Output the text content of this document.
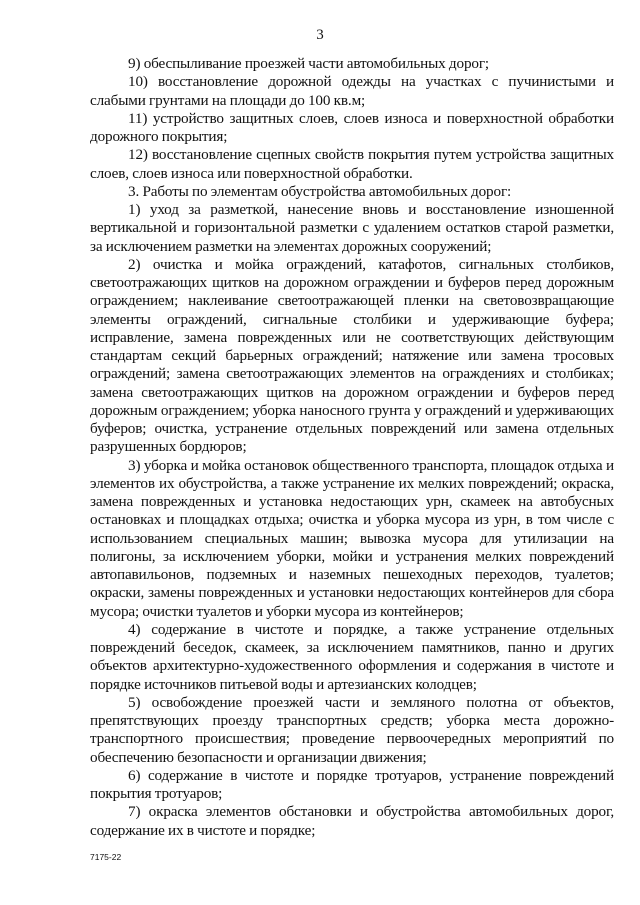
3

9) обеспыливание проезжей части автомобильных дорог;

10) восстановление дорожной одежды на участках с пучинистыми и слабыми грунтами на площади до 100 кв.м;

11) устройство защитных слоев, слоев износа и поверхностной обработки дорожного покрытия;

12) восстановление сцепных свойств покрытия путем устройства защитных слоев, слоев износа или поверхностной обработки.

3. Работы по элементам обустройства автомобильных дорог:

1) уход за разметкой, нанесение вновь и восстановление изношенной вертикальной и горизонтальной разметки с удалением остатков старой разметки, за исключением разметки на элементах дорожных сооружений;

2) очистка и мойка ограждений, катафотов, сигнальных столбиков, светоотражающих щитков на дорожном ограждении и буферов перед дорожным ограждением; наклеивание светоотражающей пленки на световозвращающие элементы ограждений, сигнальные столбики и удерживающие буфера; исправление, замена поврежденных или не соответствующих действующим стандартам секций барьерных ограждений; натяжение или замена тросовых ограждений; замена светоотражающих элементов на ограждениях и столбиках; замена светоотражающих щитков на дорожном ограждении и буферов перед дорожным ограждением; уборка наносного грунта у ограждений и удерживающих буферов; очистка, устранение отдельных повреждений или замена отдельных разрушенных бордюров;

3) уборка и мойка остановок общественного транспорта, площадок отдыха и элементов их обустройства, а также устранение их мелких повреждений; окраска, замена поврежденных и установка недостающих урн, скамеек на автобусных остановках и площадках отдыха; очистка и уборка мусора из урн, в том числе с использованием специальных машин; вывозка мусора для утилизации на полигоны, за исключением уборки, мойки и устранения мелких повреждений автопавильонов, подземных и наземных пешеходных переходов, туалетов; окраски, замены поврежденных и установки недостающих контейнеров для сбора мусора; очистки туалетов и уборки мусора из контейнеров;

4) содержание в чистоте и порядке, а также устранение отдельных повреждений беседок, скамеек, за исключением памятников, панно и других объектов архитектурно-художественного оформления и содержания в чистоте и порядке источников питьевой воды и артезианских колодцев;

5) освобождение проезжей части и земляного полотна от объектов, препятствующих проезду транспортных средств; уборка места дорожно-транспортного происшествия; проведение первоочередных мероприятий по обеспечению безопасности и организации движения;

6) содержание в чистоте и порядке тротуаров, устранение повреждений покрытия тротуаров;

7) окраска элементов обстановки и обустройства автомобильных дорог, содержание их в чистоте и порядке;

7175-22
